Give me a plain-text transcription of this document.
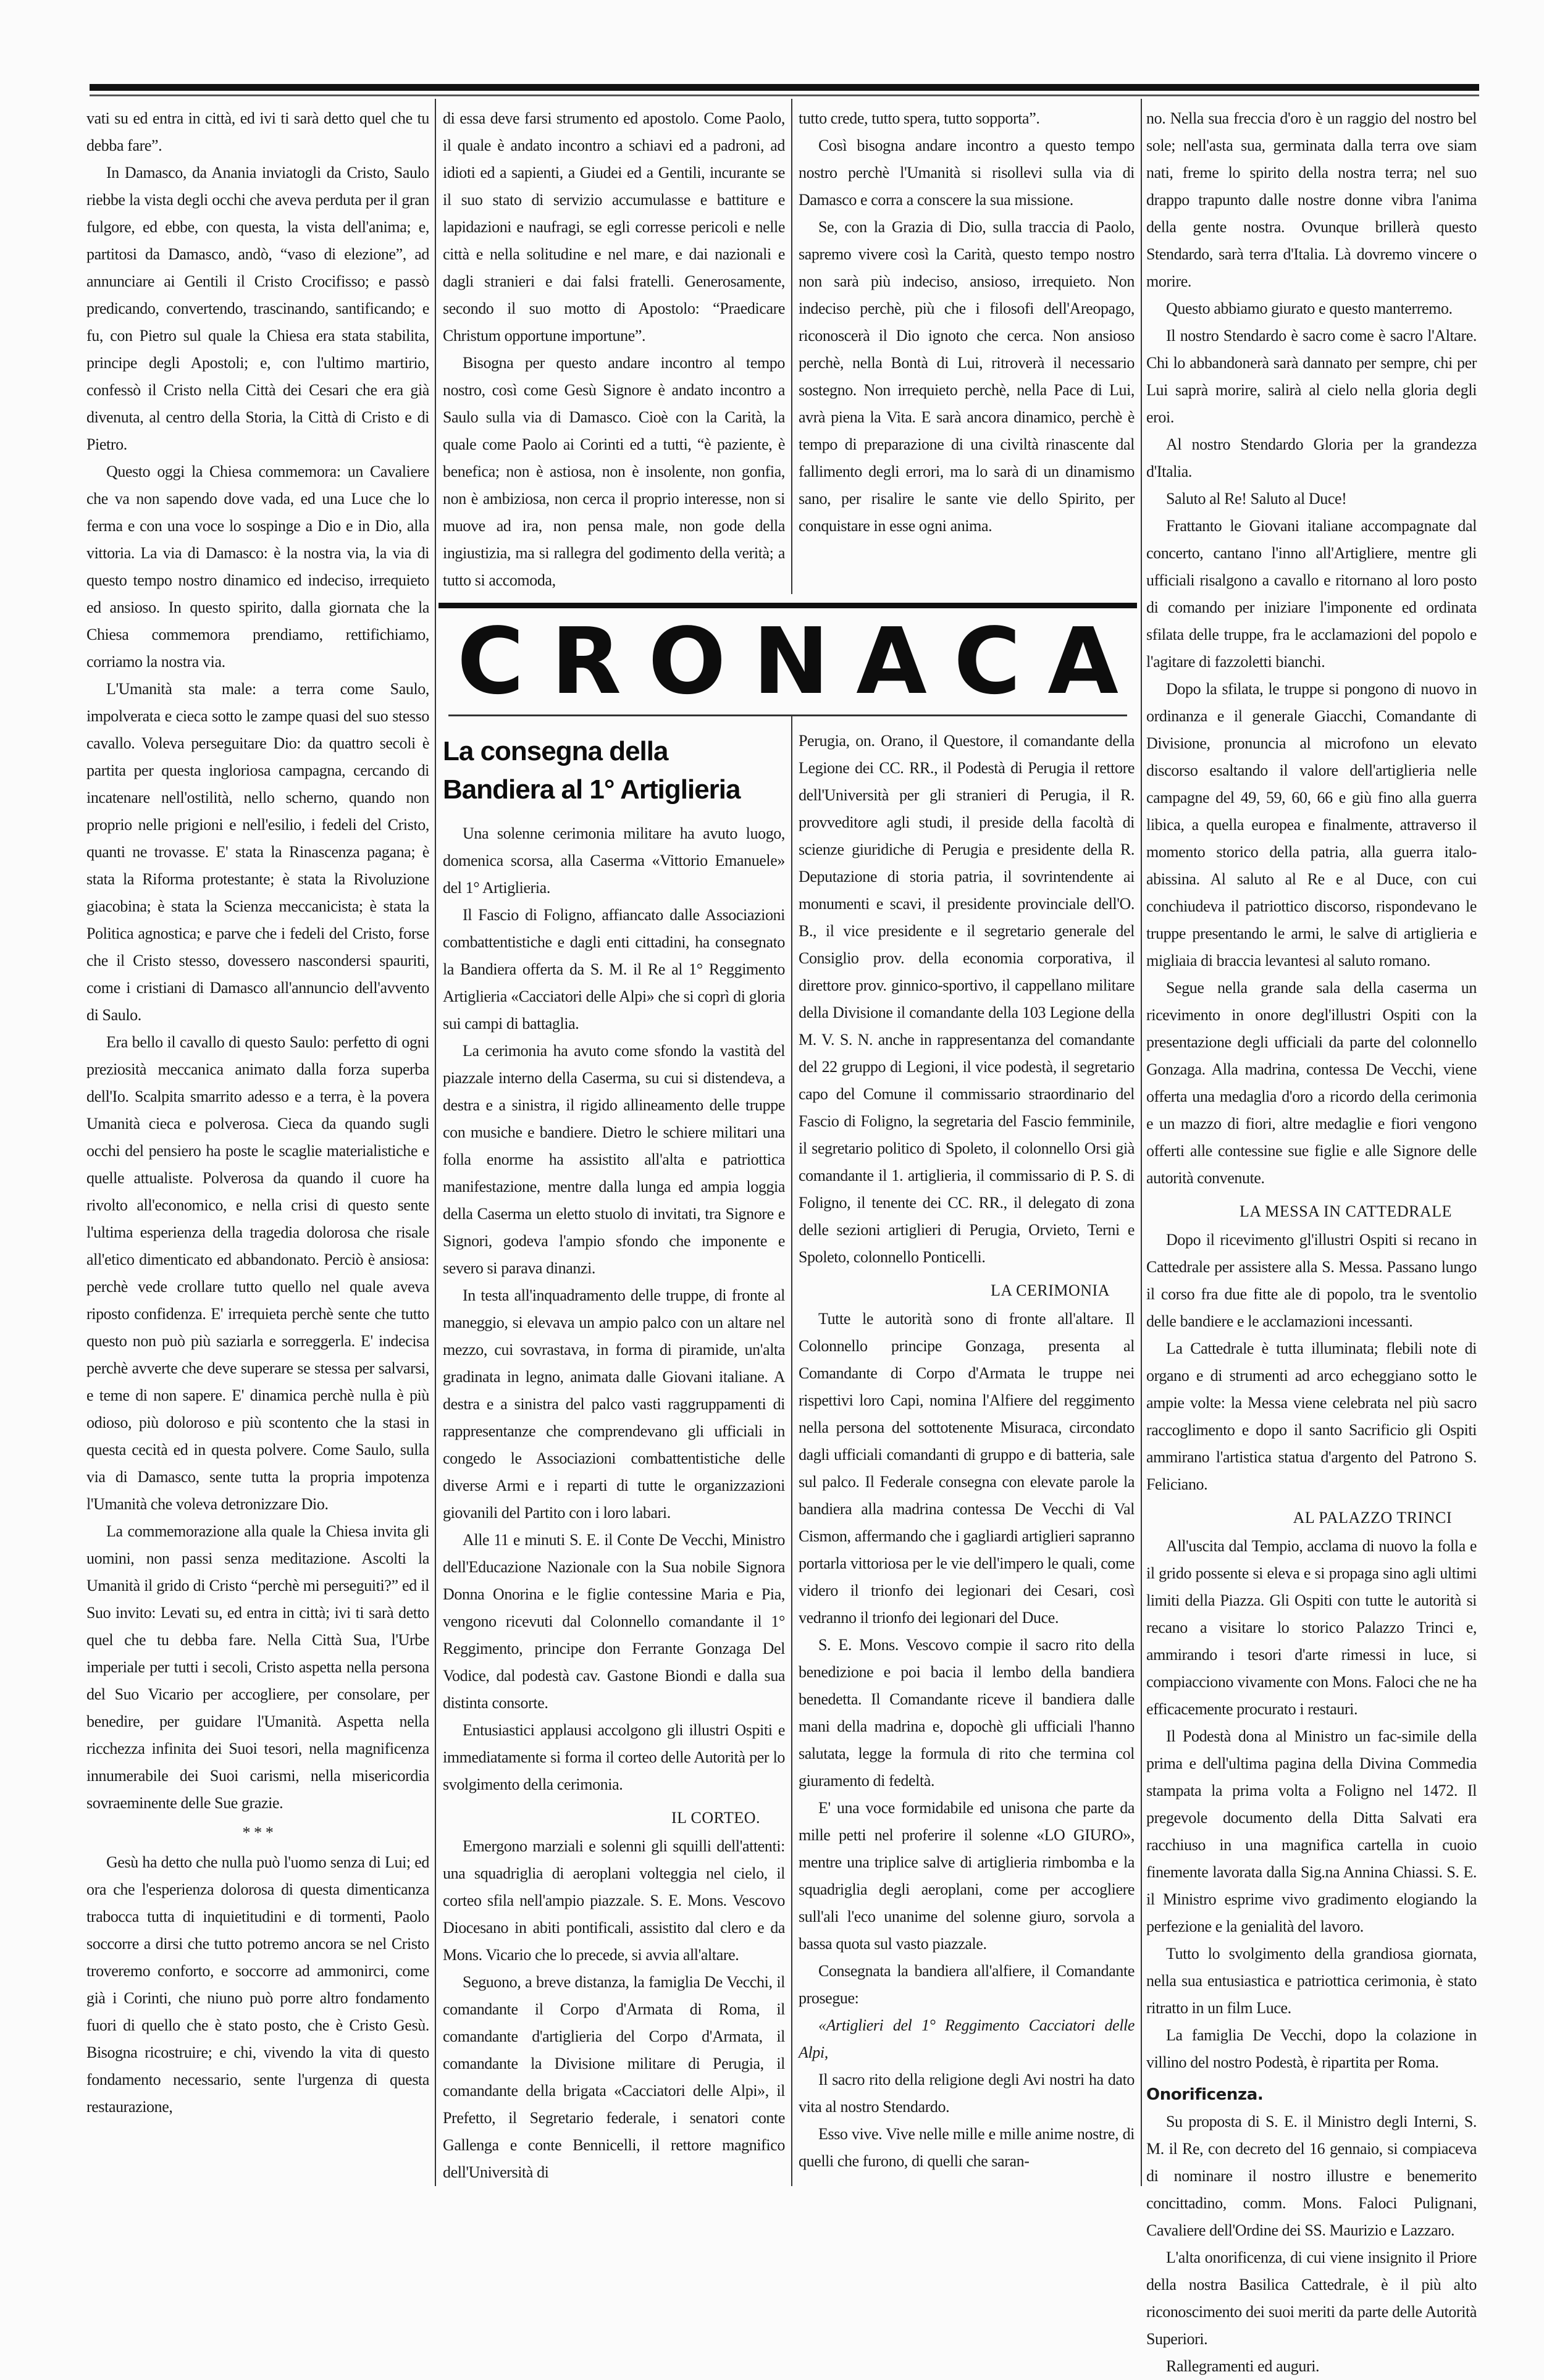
vati su ed entra in città, ed ivi ti sarà detto quel che tu debba fare”.

In Damasco, da Anania inviatogli da Cristo, Saulo riebbe la vista degli occhi che aveva perduta per il gran fulgore, ed ebbe, con questa, la vista dell'anima; e, partitosi da Damasco, andò, “vaso di elezione”, ad annunciare ai Gentili il Cristo Crocifisso; e passò predicando, convertendo, trascinando, santificando; e fu, con Pietro sul quale la Chiesa era stata stabilita, principe degli Apostoli; e, con l'ultimo martirio, confessò il Cristo nella Città dei Cesari che era già divenuta, al centro della Storia, la Città di Cristo e di Pietro.

Questo oggi la Chiesa commemora: un Cavaliere che va non sapendo dove vada, ed una Luce che lo ferma e con una voce lo sospinge a Dio e in Dio, alla vittoria. La via di Damasco: è la nostra via, la via di questo tempo nostro dinamico ed indeciso, irrequieto ed ansioso. In questo spirito, dalla giornata che la Chiesa commemora prendiamo, rettifichiamo, corriamo la nostra via.

L'Umanità sta male: a terra come Saulo, impolverata e cieca sotto le zampe quasi del suo stesso cavallo. Voleva perseguitare Dio: da quattro secoli è partita per questa ingloriosa campagna, cercando di incatenare nell'ostilità, nello scherno, quando non proprio nelle prigioni e nell'esilio, i fedeli del Cristo, quanti ne trovasse. E' stata la Rinascenza pagana; è stata la Riforma protestante; è stata la Rivoluzione giacobina; è stata la Scienza meccanicista; è stata la Politica agnostica; e parve che i fedeli del Cristo, forse che il Cristo stesso, dovessero nascondersi spauriti, come i cristiani di Damasco all'annuncio dell'avvento di Saulo.

Era bello il cavallo di questo Saulo: perfetto di ogni preziosità meccanica animato dalla forza superba dell'Io. Scalpita smarrito adesso e a terra, è la povera Umanità cieca e polverosa. Cieca da quando sugli occhi del pensiero ha poste le scaglie materialistiche e quelle attualiste. Polverosa da quando il cuore ha rivolto all'economico, e nella crisi di questo sente l'ultima esperienza della tragedia dolorosa che risale all'etico dimenticato ed abbandonato. Perciò è ansiosa: perchè vede crollare tutto quello nel quale aveva riposto confidenza. E' irrequieta perchè sente che tutto questo non può più saziarla e sorreggerla. E' indecisa perchè avverte che deve superare se stessa per salvarsi, e teme di non sapere. E' dinamica perchè nulla è più odioso, più doloroso e più scontento che la stasi in questa cecità ed in questa polvere. Come Saulo, sulla via di Damasco, sente tutta la propria impotenza l'Umanità che voleva detronizzare Dio.

La commemorazione alla quale la Chiesa invita gli uomini, non passi senza meditazione. Ascolti la Umanità il grido di Cristo “perchè mi perseguiti?” ed il Suo invito: Levati su, ed entra in città; ivi ti sarà detto quel che tu debba fare. Nella Città Sua, l'Urbe imperiale per tutti i secoli, Cristo aspetta nella persona del Suo Vicario per accogliere, per consolare, per benedire, per guidare l'Umanità. Aspetta nella ricchezza infinita dei Suoi tesori, nella magnificenza innumerabile dei Suoi carismi, nella misericordia sovraeminente delle Sue grazie.

* * *

Gesù ha detto che nulla può l'uomo senza di Lui; ed ora che l'esperienza dolorosa di questa dimenticanza trabocca tutta di inquietitudini e di tormenti, Paolo soccorre a dirsi che tutto potremo ancora se nel Cristo troveremo conforto, e soccorre ad ammonirci, come già i Corinti, che niuno può porre altro fondamento fuori di quello che è stato posto, che è Cristo Gesù. Bisogna ricostruire; e chi, vivendo la vita di questo fondamento necessario, sente l'urgenza di questa restaurazione,

di essa deve farsi strumento ed apostolo. Come Paolo, il quale è andato incontro a schiavi ed a padroni, ad idioti ed a sapienti, a Giudei ed a Gentili, incurante se il suo stato di servizio accumulasse e battiture e lapidazioni e naufragi, se egli corresse pericoli e nelle città e nella solitudine e nel mare, e dai nazionali e dagli stranieri e dai falsi fratelli. Generosamente, secondo il suo motto di Apostolo: “Praedicare Christum opportune importune”.

Bisogna per questo andare incontro al tempo nostro, così come Gesù Signore è andato incontro a Saulo sulla via di Damasco. Cioè con la Carità, la quale come Paolo ai Corinti ed a tutti, “è paziente, è benefica; non è astiosa, non è insolente, non gonfia, non è ambiziosa, non cerca il proprio interesse, non si muove ad ira, non pensa male, non gode della ingiustizia, ma si rallegra del godimento della verità; a tutto si accomoda,

tutto crede, tutto spera, tutto sopporta”.

Così bisogna andare incontro a questo tempo nostro perchè l'Umanità si risollevi sulla via di Damasco e corra a conscere la sua missione.

Se, con la Grazia di Dio, sulla traccia di Paolo, sapremo vivere così la Carità, questo tempo nostro non sarà più indeciso, ansioso, irrequieto. Non indeciso perchè, più che i filosofi dell'Areopago, riconoscerà il Dio ignoto che cerca. Non ansioso perchè, nella Bontà di Lui, ritroverà il necessario sostegno. Non irrequieto perchè, nella Pace di Lui, avrà piena la Vita. E sarà ancora dinamico, perchè è tempo di preparazione di una civiltà rinascente dal fallimento degli errori, ma lo sarà di un dinamismo sano, per risalire le sante vie dello Spirito, per conquistare in esse ogni anima.

C R O N A C A
La consegna della Bandiera al 1° Artiglieria

Una solenne cerimonia militare ha avuto luogo, domenica scorsa, alla Caserma «Vittorio Emanuele» del 1° Artiglieria.

Il Fascio di Foligno, affiancato dalle Associazioni combattentistiche e dagli enti cittadini, ha consegnato la Bandiera offerta da S. M. il Re al 1° Reggimento Artiglieria «Cacciatori delle Alpi» che si coprì di gloria sui campi di battaglia.

La cerimonia ha avuto come sfondo la vastità del piazzale interno della Caserma, su cui si distendeva, a destra e a sinistra, il rigido allineamento delle truppe con musiche e bandiere. Dietro le schiere militari una folla enorme ha assistito all'alta e patriottica manifestazione, mentre dalla lunga ed ampia loggia della Caserma un eletto stuolo di invitati, tra Signore e Signori, godeva l'ampio sfondo che imponente e severo si parava dinanzi.

In testa all'inquadramento delle truppe, di fronte al maneggio, si elevava un ampio palco con un altare nel mezzo, cui sovrastava, in forma di piramide, un'alta gradinata in legno, animata dalle Giovani italiane. A destra e a sinistra del palco vasti raggruppamenti di rappresentanze che comprendevano gli ufficiali in congedo le Associazioni combattentistiche delle diverse Armi e i reparti di tutte le organizzazioni giovanili del Partito con i loro labari.

Alle 11 e minuti S. E. il Conte De Vecchi, Ministro dell'Educazione Nazionale con la Sua nobile Signora Donna Onorina e le figlie contessine Maria e Pia, vengono ricevuti dal Colonnello comandante il 1° Reggimento, principe don Ferrante Gonzaga Del Vodice, dal podestà cav. Gastone Biondi e dalla sua distinta consorte.

Entusiastici applausi accolgono gli illustri Ospiti e immediatamente si forma il corteo delle Autorità per lo svolgimento della cerimonia.

IL CORTEO.

Emergono marziali e solenni gli squilli dell'attenti: una squadriglia di aeroplani volteggia nel cielo, il corteo sfila nell'ampio piazzale. S. E. Mons. Vescovo Diocesano in abiti pontificali, assistito dal clero e da Mons. Vicario che lo precede, si avvia all'altare.

Seguono, a breve distanza, la famiglia De Vecchi, il comandante il Corpo d'Armata di Roma, il comandante d'artiglieria del Corpo d'Armata, il comandante la Divisione militare di Perugia, il comandante della brigata «Cacciatori delle Alpi», il Prefetto, il Segretario federale, i senatori conte Gallenga e conte Bennicelli, il rettore magnifico dell'Università di

Perugia, on. Orano, il Questore, il comandante della Legione dei CC. RR., il Podestà di Perugia il rettore dell'Università per gli stranieri di Perugia, il R. provveditore agli studi, il preside della facoltà di scienze giuridiche di Perugia e presidente della R. Deputazione di storia patria, il sovrintendente ai monumenti e scavi, il presidente provinciale dell'O. B., il vice presidente e il segretario generale del Consiglio prov. della economia corporativa, il direttore prov. ginnico-sportivo, il cappellano militare della Divisione il comandante della 103 Legione della M. V. S. N. anche in rappresentanza del comandante del 22 gruppo di Legioni, il vice podestà, il segretario capo del Comune il commissario straordinario del Fascio di Foligno, la segretaria del Fascio femminile, il segretario politico di Spoleto, il colonnello Orsi già comandante il 1. artiglieria, il commissario di P. S. di Foligno, il tenente dei CC. RR., il delegato di zona delle sezioni artiglieri di Perugia, Orvieto, Terni e Spoleto, colonnello Ponticelli.

LA CERIMONIA

Tutte le autorità sono di fronte all'altare. Il Colonnello principe Gonzaga, presenta al Comandante di Corpo d'Armata le truppe nei rispettivi loro Capi, nomina l'Alfiere del reggimento nella persona del sottotenente Misuraca, circondato dagli ufficiali comandanti di gruppo e di batteria, sale sul palco. Il Federale consegna con elevate parole la bandiera alla madrina contessa De Vecchi di Val Cismon, affermando che i gagliardi artiglieri sapranno portarla vittoriosa per le vie dell'impero le quali, come videro il trionfo dei legionari dei Cesari, così vedranno il trionfo dei legionari del Duce.

S. E. Mons. Vescovo compie il sacro rito della benedizione e poi bacia il lembo della bandiera benedetta. Il Comandante riceve il bandiera dalle mani della madrina e, dopochè gli ufficiali l'hanno salutata, legge la formula di rito che termina col giuramento di fedeltà.

E' una voce formidabile ed unisona che parte da mille petti nel proferire il solenne «LO GIURO», mentre una triplice salve di artiglieria rimbomba e la squadriglia degli aeroplani, come per accogliere sull'ali l'eco unanime del solenne giuro, sorvola a bassa quota sul vasto piazzale.

Consegnata la bandiera all'alfiere, il Comandante prosegue:

«Artiglieri del 1° Reggimento Cacciatori delle Alpi,

Il sacro rito della religione degli Avi nostri ha dato vita al nostro Stendardo.

Esso vive. Vive nelle mille e mille anime nostre, di quelli che furono, di quelli che saran-

no. Nella sua freccia d'oro è un raggio del nostro bel sole; nell'asta sua, germinata dalla terra ove siam nati, freme lo spirito della nostra terra; nel suo drappo trapunto dalle nostre donne vibra l'anima della gente nostra. Ovunque brillerà questo Stendardo, sarà terra d'Italia. Là dovremo vincere o morire.

Questo abbiamo giurato e questo manterremo.

Il nostro Stendardo è sacro come è sacro l'Altare. Chi lo abbandonerà sarà dannato per sempre, chi per Lui saprà morire, salirà al cielo nella gloria degli eroi.

Al nostro Stendardo Gloria per la grandezza d'Italia.

Saluto al Re! Saluto al Duce!

Frattanto le Giovani italiane accompagnate dal concerto, cantano l'inno all'Artigliere, mentre gli ufficiali risalgono a cavallo e ritornano al loro posto di comando per iniziare l'imponente ed ordinata sfilata delle truppe, fra le acclamazioni del popolo e l'agitare di fazzoletti bianchi.

Dopo la sfilata, le truppe si pongono di nuovo in ordinanza e il generale Giacchi, Comandante di Divisione, pronuncia al microfono un elevato discorso esaltando il valore dell'artiglieria nelle campagne del 49, 59, 60, 66 e giù fino alla guerra libica, a quella europea e finalmente, attraverso il momento storico della patria, alla guerra italo-abissina. Al saluto al Re e al Duce, con cui conchiudeva il patriottico discorso, rispondevano le truppe presentando le armi, le salve di artiglieria e migliaia di braccia levantesi al saluto romano.

Segue nella grande sala della caserma un ricevimento in onore degl'illustri Ospiti con la presentazione degli ufficiali da parte del colonnello Gonzaga. Alla madrina, contessa De Vecchi, viene offerta una medaglia d'oro a ricordo della cerimonia e un mazzo di fiori, altre medaglie e fiori vengono offerti alle contessine sue figlie e alle Signore delle autorità convenute.

LA MESSA IN CATTEDRALE

Dopo il ricevimento gl'illustri Ospiti si recano in Cattedrale per assistere alla S. Messa. Passano lungo il corso fra due fitte ale di popolo, tra le sventolio delle bandiere e le acclamazioni incessanti.

La Cattedrale è tutta illuminata; flebili note di organo e di strumenti ad arco echeggiano sotto le ampie volte: la Messa viene celebrata nel più sacro raccoglimento e dopo il santo Sacrificio gli Ospiti ammirano l'artistica statua d'argento del Patrono S. Feliciano.

AL PALAZZO TRINCI

All'uscita dal Tempio, acclama di nuovo la folla e il grido possente si eleva e si propaga sino agli ultimi limiti della Piazza. Gli Ospiti con tutte le autorità si recano a visitare lo storico Palazzo Trinci e, ammirando i tesori d'arte rimessi in luce, si compiacciono vivamente con Mons. Faloci che ne ha efficacemente procurato i restauri.

Il Podestà dona al Ministro un fac-simile della prima e dell'ultima pagina della Divina Commedia stampata la prima volta a Foligno nel 1472. Il pregevole documento della Ditta Salvati era racchiuso in una magnifica cartella in cuoio finemente lavorata dalla Sig.na Annina Chiassi. S. E. il Ministro esprime vivo gradimento elogiando la perfezione e la genialità del lavoro.

Tutto lo svolgimento della grandiosa giornata, nella sua entusiastica e patriottica cerimonia, è stato ritratto in un film Luce.

La famiglia De Vecchi, dopo la colazione in villino del nostro Podestà, è ripartita per Roma.

Onorificenza.

Su proposta di S. E. il Ministro degli Interni, S. M. il Re, con decreto del 16 gennaio, si compiaceva di nominare il nostro illustre e benemerito concittadino, comm. Mons. Faloci Pulignani, Cavaliere dell'Ordine dei SS. Maurizio e Lazzaro.

L'alta onorificenza, di cui viene insignito il Priore della nostra Basilica Cattedrale, è il più alto riconoscimento dei suoi meriti da parte delle Autorità Superiori.

Rallegramenti ed auguri.
